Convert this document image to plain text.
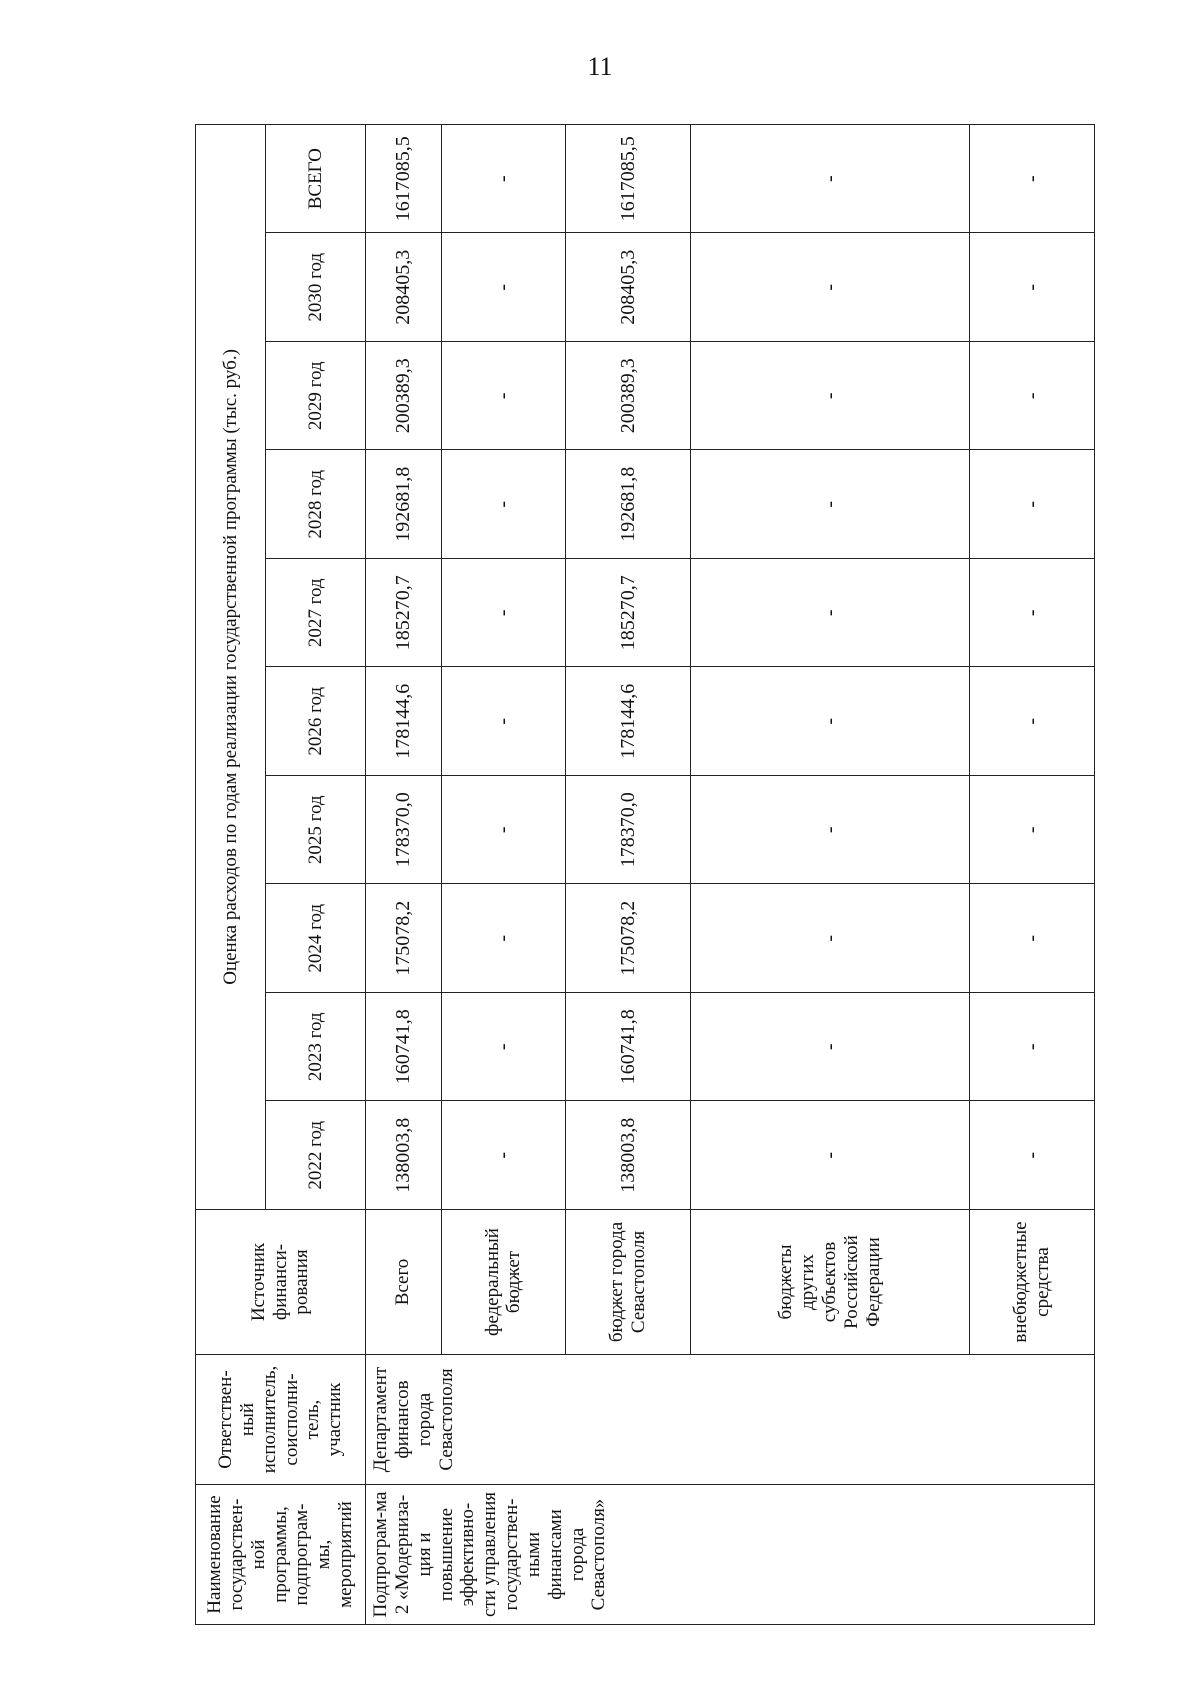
11
Наименование государствен-ной программы, подпрограм-мы, мероприятий	Ответствен-ный исполнитель, соисполни-тель, участник	Источник финанси-рования	Оценка расходов по годам реализации государственной программы (тыс. руб.)									
			2022 год	2023 год	2024 год	2025 год	2026 год	2027 год	2028 год	2029 год	2030 год	ВСЕГО
Подпрограм-ма 2 «Модерниза-ция и повышение эффективно-сти управления государствен-ными финансами города Севастополя»	Департамент финансов города Севастополя	Всего	138003,8	160741,8	175078,2	178370,0	178144,6	185270,7	192681,8	200389,3	208405,3	1617085,5
		федеральный бюджет	-	-	-	-	-	-	-	-	-	-
		бюджет города Севастополя	138003,8	160741,8	175078,2	178370,0	178144,6	185270,7	192681,8	200389,3	208405,3	1617085,5
		бюджеты других субъектов Российской Федерации	-	-	-	-	-	-	-	-	-	-
		внебюджетные средства	-	-	-	-	-	-	-	-	-	-
